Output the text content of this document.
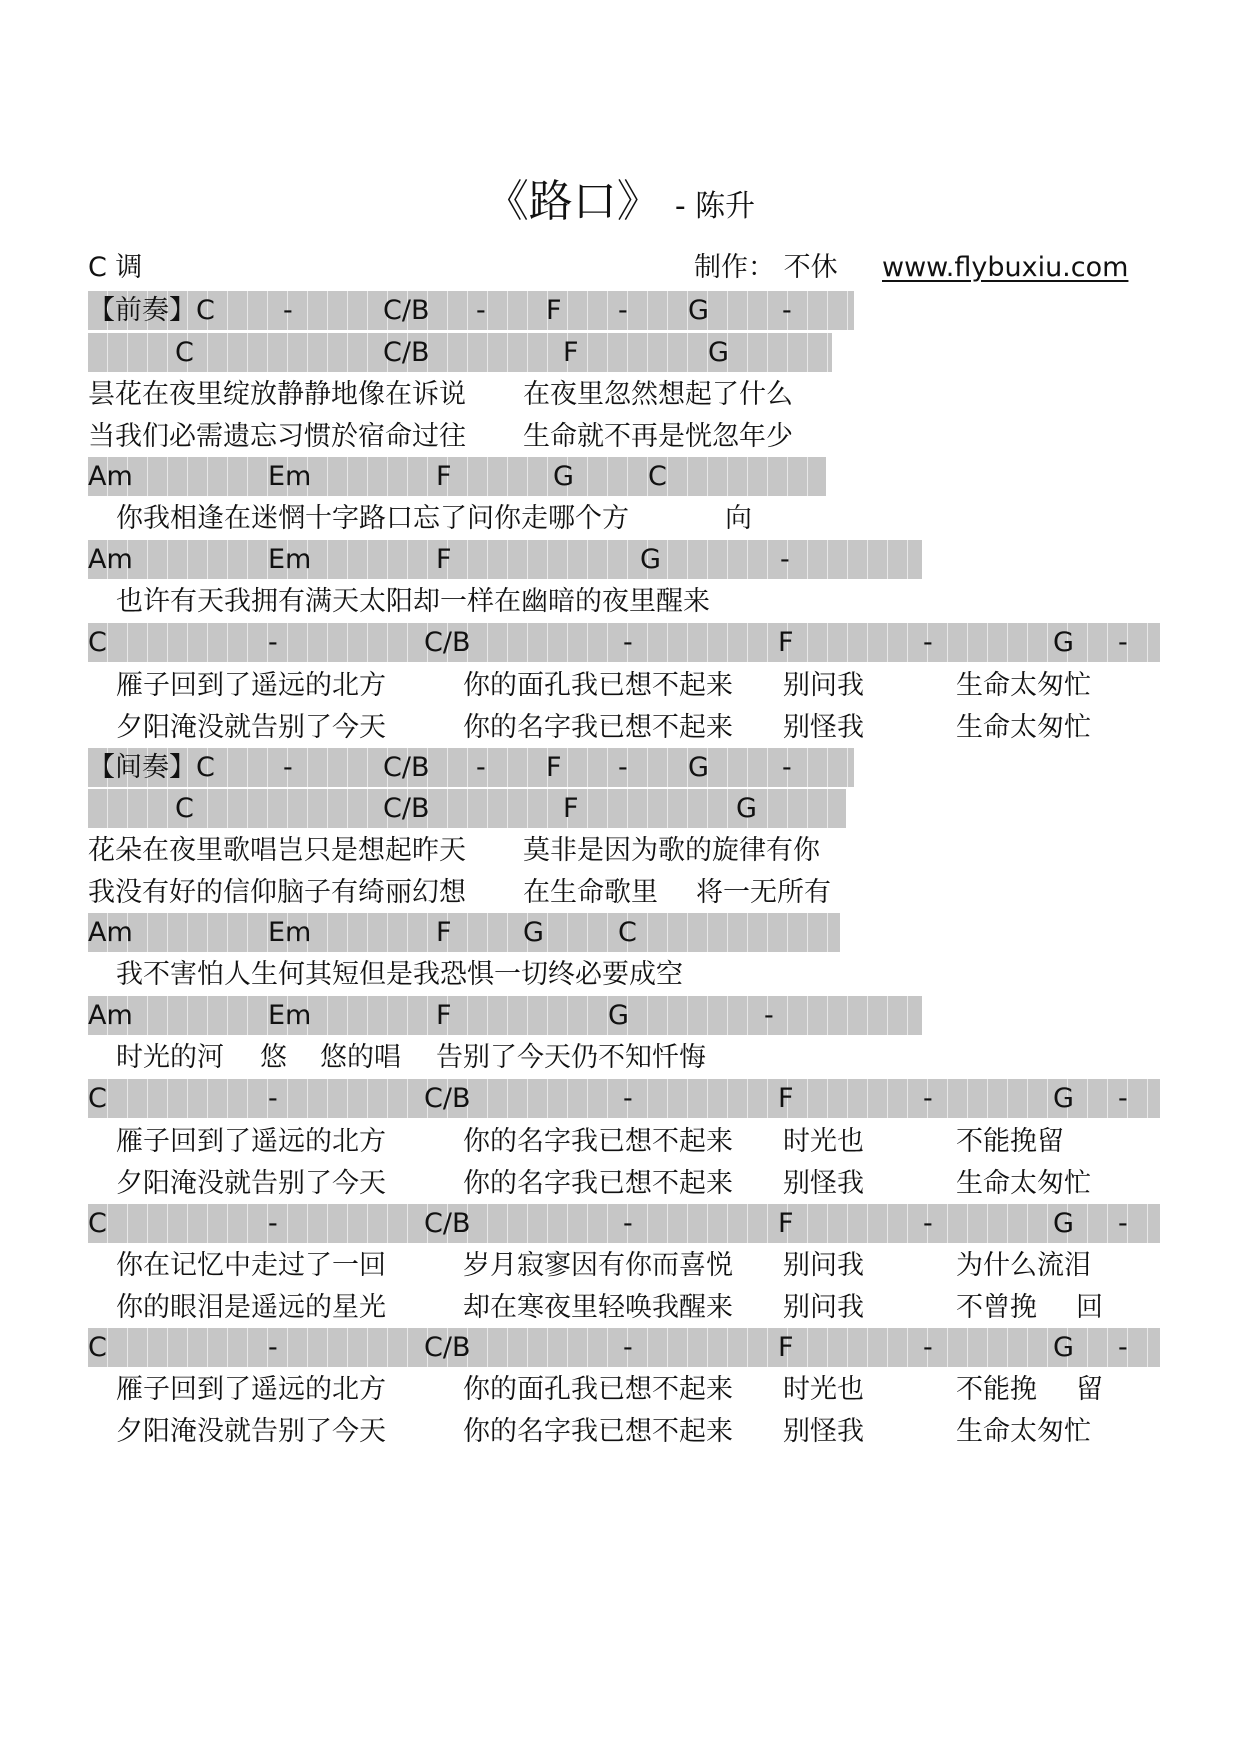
《路口》 - 陈升
C 调	制作： 不休 www.flybuxiu.com
【前奏】C	-	C/B - F - G	-
C	C/B	F	G
昙花在夜里绽放静静地像在诉说 在夜里忽然想起了什么
当我们必需遗忘习惯於宿命过往 生命就不再是恍忽年少
Am	Em	F	G	C
你我相逢在迷惘十字路口忘了问你走哪个方	向
Am	Em	F	G	-
也许有天我拥有满天太阳却一样在幽暗的夜里醒来
C	-	C/B	-	F	-	G -
雁子回到了遥远的北方	你的面孔我已想不起来 别问我	生命太匆忙
夕阳淹没就告别了今天	你的名字我已想不起来 别怪我	生命太匆忙
【间奏】C	-	C/B - F - G	-
C	C/B	F	G
花朵在夜里歌唱岂只是想起昨天 莫非是因为歌的旋律有你
我没有好的信仰脑子有绮丽幻想 在生命歌里 将一无所有
Am	Em	F	G	C
我不害怕人生何其短但是我恐惧一切终必要成空
Am	Em	F	G	-
时光的河 悠 悠的唱 告别了今天仍不知忏悔
C	-	C/B	-	F	-	G -
雁子回到了遥远的北方	你的名字我已想不起来 时光也	不能挽留
夕阳淹没就告别了今天	你的名字我已想不起来 别怪我	生命太匆忙
C	-	C/B	-	F	-	G -
你在记忆中走过了一回	岁月寂寥因有你而喜悦 别问我	为什么流泪
你的眼泪是遥远的星光	却在寒夜里轻唤我醒来 别问我	不曾挽 回
C	-	C/B	-	F	-	G -
雁子回到了遥远的北方	你的面孔我已想不起来 时光也	不能挽 留
夕阳淹没就告别了今天	你的名字我已想不起来 别怪我	生命太匆忙
